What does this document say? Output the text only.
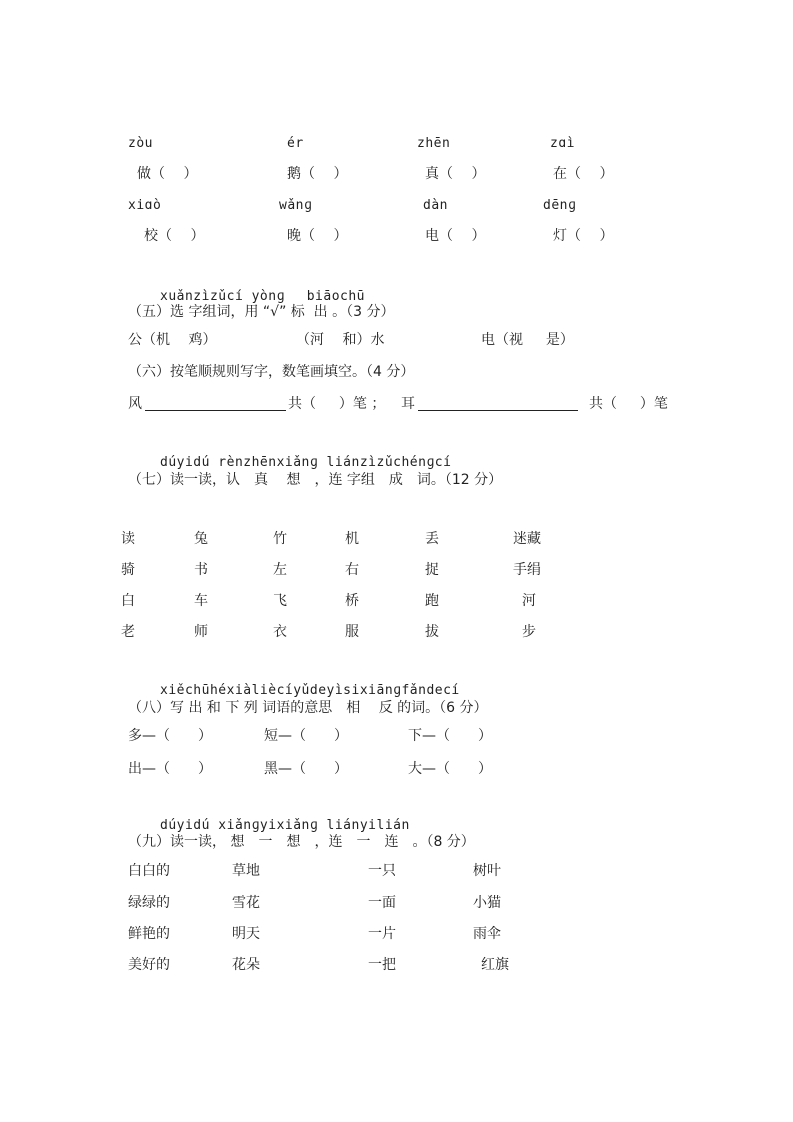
zòu	ér	zhēn	zɑì
做（　 ）	鹅（　 ）	真（　 ）	在（　 ）
xiɑò	wǎnɡ	dàn	dēnɡ
校（　 ）	晚（　 ）	电（　 ）	灯（　 ）
xuǎnzìzǔcí yònɡ　 biāochū
（五）选 字组词，用 “√” 标  出 。（3 分）
公（机　 鸡）	（河　 和）水	电（视　  是）
（六）按笔顺规则写字，数笔画填空。（4 分）
风	共（　  ）笔 ； 耳	共（　  ）笔
dúyidú rènzhēnxiǎnɡ liánzìzǔchénɡcí
（七）读一读，认　真　 想　，连 字组　成　词。（12 分）
读	兔	竹	机	丢	迷藏
骑	书	左	右	捉	手绢
白	车	飞	桥	跑	河
老	师	衣	服	拔	步
xiěchūhéxiàliècíyǔdeyìsixiānɡfǎndecí
（八）写 出 和 下 列 词语的意思　相　 反 的词。（6 分）
多—（　　）	短—（　　）	下—（　　）
出—（　　）	黑—（　　）	大—（　　）
dúyidú xiǎnɡyixiǎnɡ liányilián
（九）读一读， 想　一　想　，连　一　连　。（8 分）
白白的	草地	一只	树叶
绿绿的	雪花	一面	小猫
鲜艳的	明天	一片	雨伞
美好的	花朵	一把	红旗
